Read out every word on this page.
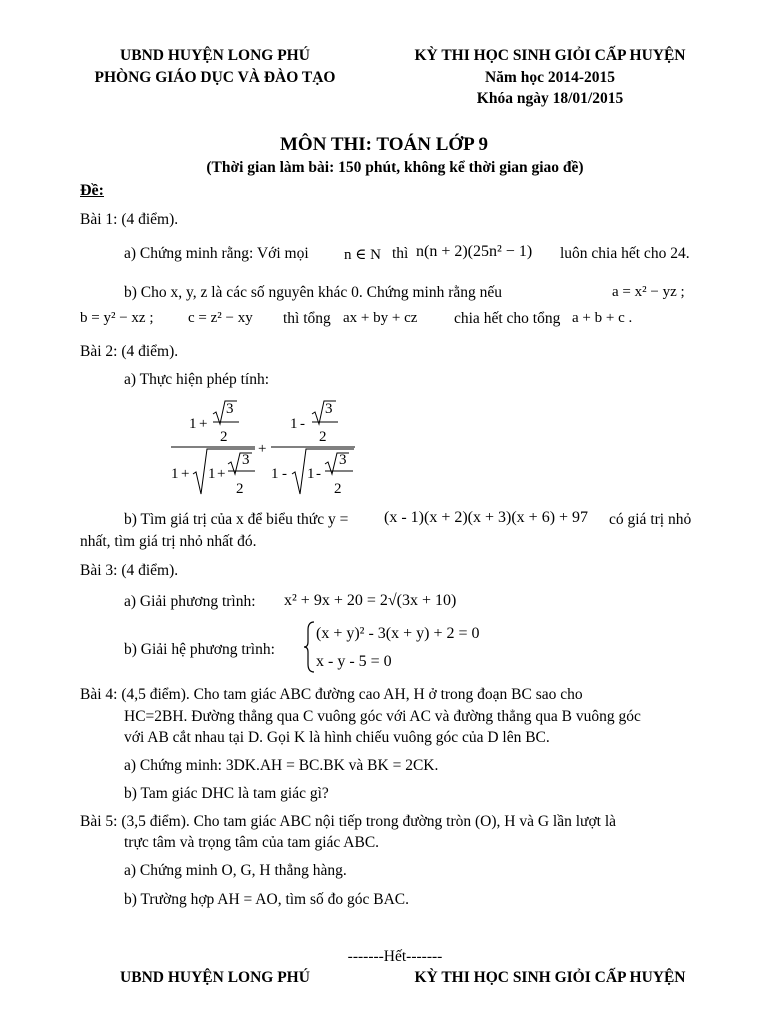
UBND HUYỆN LONG PHÚ
PHÒNG GIÁO DỤC VÀ ĐÀO TẠO
KỲ THI HỌC SINH GIỎI CẤP HUYỆN
Năm học 2014-2015
Khóa ngày 18/01/2015
MÔN THI: TOÁN LỚP 9
(Thời gian làm bài: 150 phút, không kể thời gian giao đề)
Đề:
Bài 1: (4 điểm).
a) Chứng minh rằng: Với mọi n ∈ N thì n(n + 2)(25n² − 1) luôn chia hết cho 24.
b) Cho x, y, z là các số nguyên khác 0. Chứng minh rằng nếu	a = x² − yz ;
b = y² − xz ; c = z² − xy thì tổng ax + by + cz chia hết cho tổng a + b + c .
Bài 2: (4 điểm).
a) Thực hiện phép tính:
1 +
3
2
1 + 1 +
3
2
+
1 -
3
2
1 - 1 -
3
2
b) Tìm giá trị của x để biểu thức y = (x - 1)(x + 2)(x + 3)(x + 6) + 97 có giá trị nhỏ
nhất, tìm giá trị nhỏ nhất đó.
Bài 3: (4 điểm).
a) Giải phương trình: x² + 9x + 20 = 2√(3x + 10)
b) Giải hệ phương trình:
(x + y)² - 3(x + y) + 2 = 0
x - y - 5 = 0
Bài 4: (4,5 điểm). Cho tam giác ABC đường cao AH, H ở trong đoạn BC sao cho
HC=2BH. Đường thẳng qua C vuông góc với AC và đường thẳng qua B vuông góc
với AB cắt nhau tại D. Gọi K là hình chiếu vuông góc của D lên BC.
a) Chứng minh: 3DK.AH = BC.BK và BK = 2CK.
b) Tam giác DHC là tam giác gì?
Bài 5: (3,5 điểm). Cho tam giác ABC nội tiếp trong đường tròn (O), H và G lần lượt là
trực tâm và trọng tâm của tam giác ABC.
a) Chứng minh O, G, H thẳng hàng.
b) Trường hợp AH = AO, tìm số đo góc BAC.
-------Hết-------
UBND HUYỆN LONG PHÚ	KỲ THI HỌC SINH GIỎI CẤP HUYỆN
